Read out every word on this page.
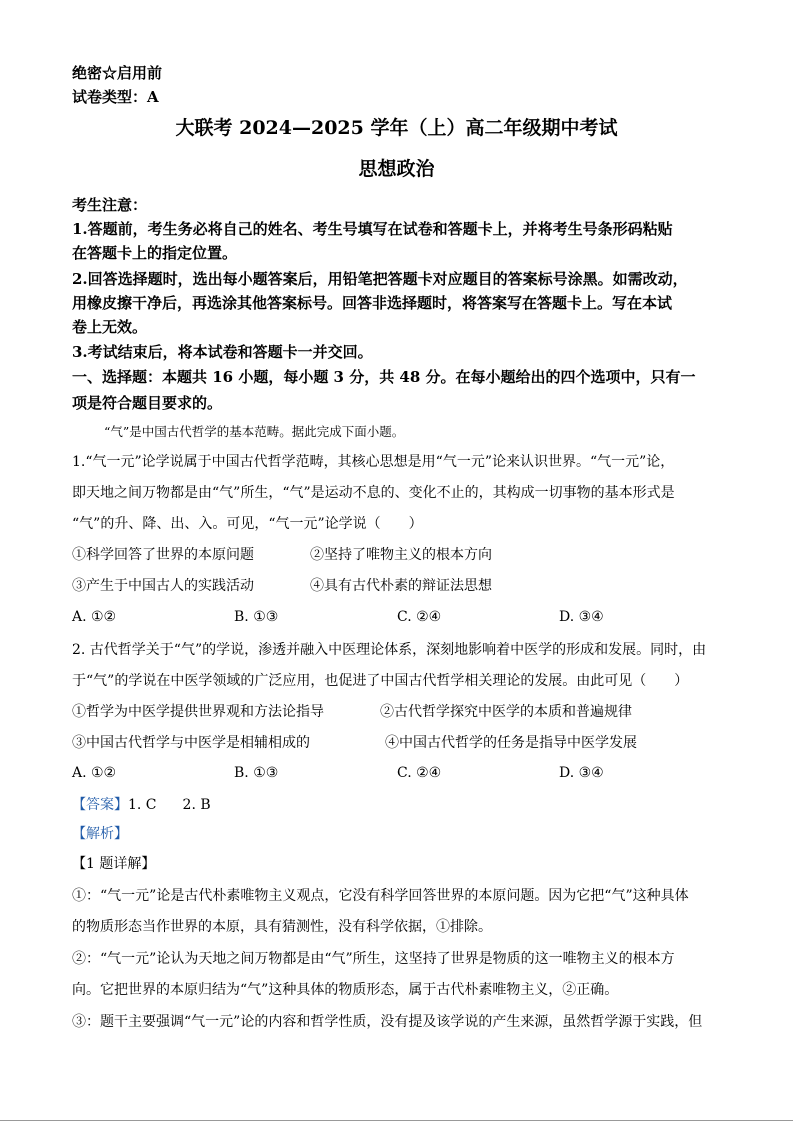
绝密☆启用前
试卷类型：A
大联考 2024—2025 学年（上）高二年级期中考试
思想政治
考生注意：
1.答题前，考生务必将自己的姓名、考生号填写在试卷和答题卡上，并将考生号条形码粘贴
在答题卡上的指定位置。
2.回答选择题时，选出每小题答案后，用铅笔把答题卡对应题目的答案标号涂黑。如需改动，
用橡皮擦干净后，再选涂其他答案标号。回答非选择题时，将答案写在答题卡上。写在本试
卷上无效。
3.考试结束后，将本试卷和答题卡一并交回。
一、选择题：本题共 16 小题，每小题 3 分，共 48 分。在每小题给出的四个选项中，只有一
项是符合题目要求的。
“气”是中国古代哲学的基本范畴。据此完成下面小题。
1.“气一元”论学说属于中国古代哲学范畴，其核心思想是用“气一元”论来认识世界。“气一元”论，
即天地之间万物都是由“气”所生，“气”是运动不息的、变化不止的，其构成一切事物的基本形式是
“气”的升、降、出、入。可见，“气一元”论学说（　　）
①科学回答了世界的本原问题	②坚持了唯物主义的根本方向
③产生于中国古人的实践活动	④具有古代朴素的辩证法思想
A. ①②	B. ①③	C. ②④	D. ③④
2. 古代哲学关于“气”的学说，渗透并融入中医理论体系，深刻地影响着中医学的形成和发展。同时，由
于“气”的学说在中医学领域的广泛应用，也促进了中国古代哲学相关理论的发展。由此可见（　　）
①哲学为中医学提供世界观和方法论指导	②古代哲学探究中医学的本质和普遍规律
③中国古代哲学与中医学是相辅相成的	④中国古代哲学的任务是指导中医学发展
A. ①②	B. ①③	C. ②④	D. ③④
【答案】1. C 2. B
【解析】
【1 题详解】
①：“气一元”论是古代朴素唯物主义观点，它没有科学回答世界的本原问题。因为它把“气”这种具体
的物质形态当作世界的本原，具有猜测性，没有科学依据，①排除。
②：“气一元”论认为天地之间万物都是由“气”所生，这坚持了世界是物质的这一唯物主义的根本方
向。它把世界的本原归结为“气”这种具体的物质形态，属于古代朴素唯物主义，②正确。
③：题干主要强调“气一元”论的内容和哲学性质，没有提及该学说的产生来源，虽然哲学源于实践，但
